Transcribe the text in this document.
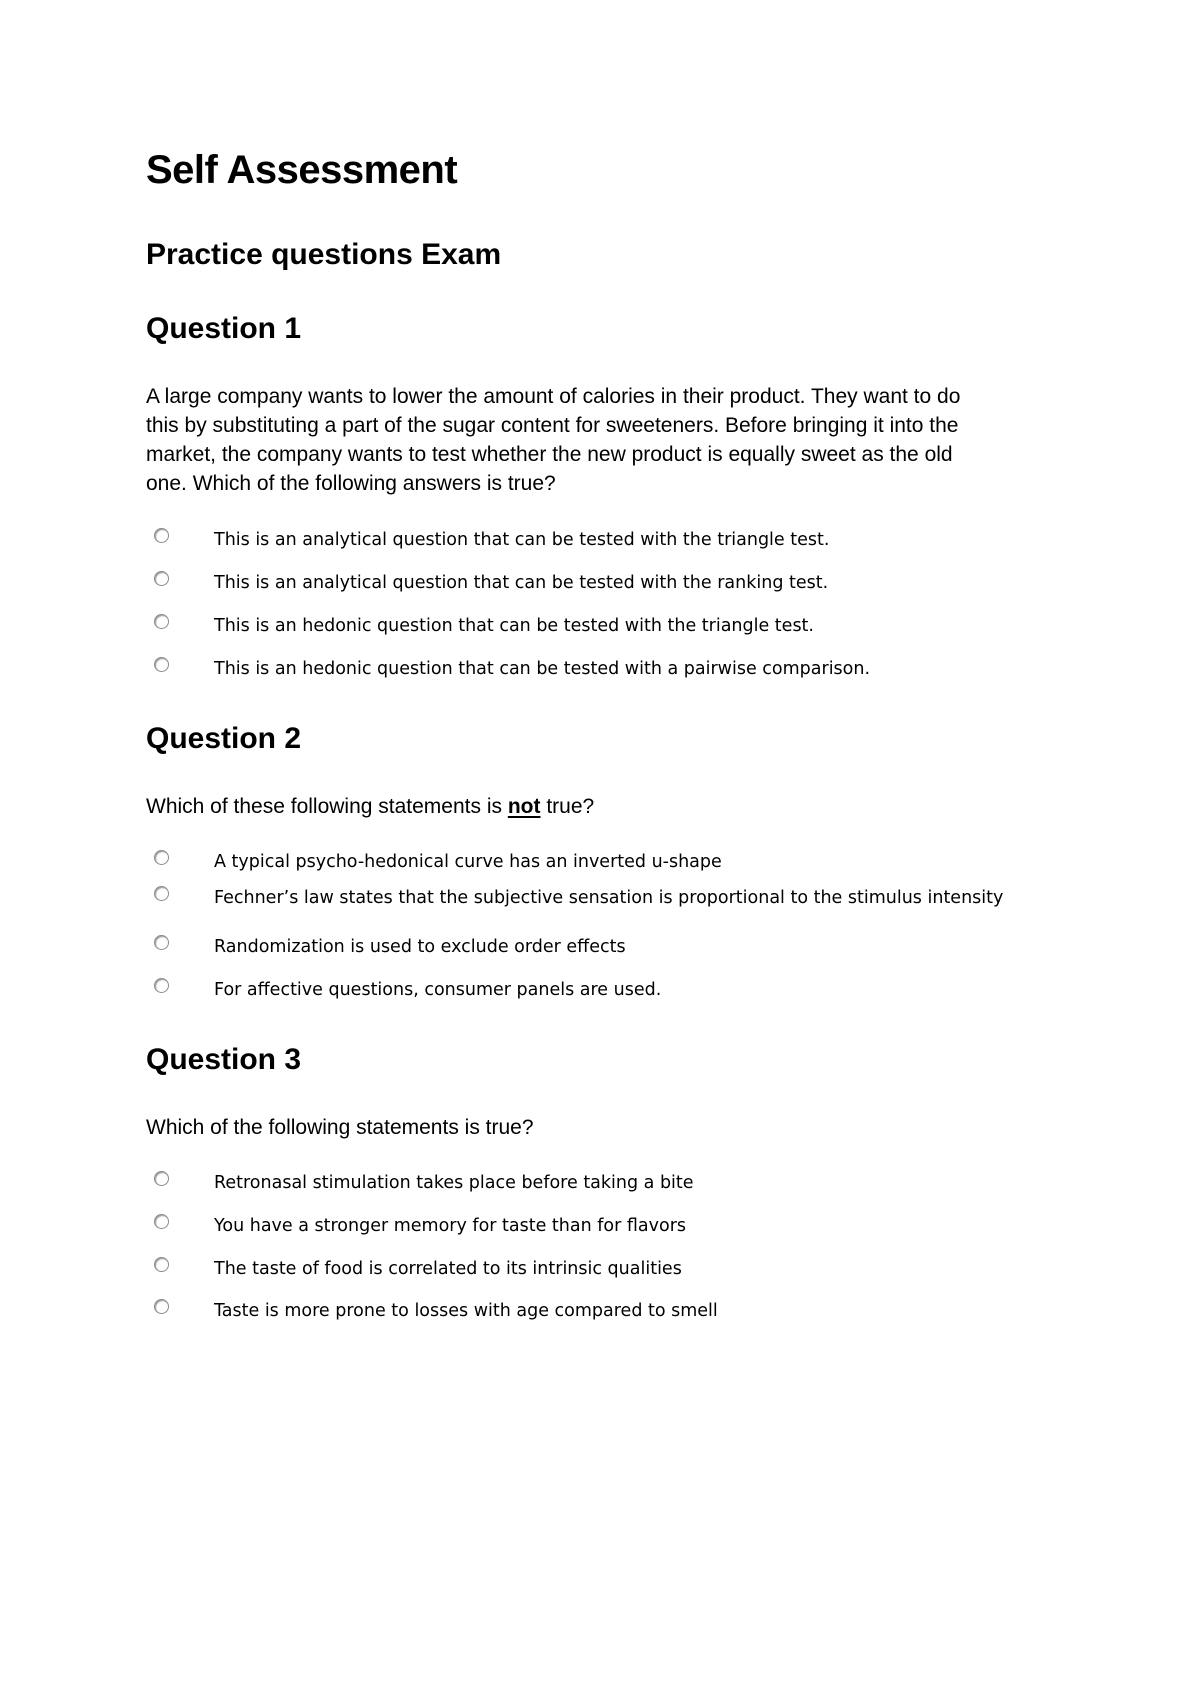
Self Assessment
Practice questions Exam
Question 1
A large company wants to lower the amount of calories in their product. They want to do
this by substituting a part of the sugar content for sweeteners. Before bringing it into the
market, the company wants to test whether the new product is equally sweet as the old
one. Which of the following answers is true?
This is an analytical question that can be tested with the triangle test.
This is an analytical question that can be tested with the ranking test.
This is an hedonic question that can be tested with the triangle test.
This is an hedonic question that can be tested with a pairwise comparison.
Question 2
Which of these following statements is not true?
A typical psycho-hedonical curve has an inverted u-shape
Fechner’s law states that the subjective sensation is proportional to the stimulus intensity
Randomization is used to exclude order effects
For affective questions, consumer panels are used.
Question 3
Which of the following statements is true?
Retronasal stimulation takes place before taking a bite
You have a stronger memory for taste than for flavors
The taste of food is correlated to its intrinsic qualities
Taste is more prone to losses with age compared to smell
